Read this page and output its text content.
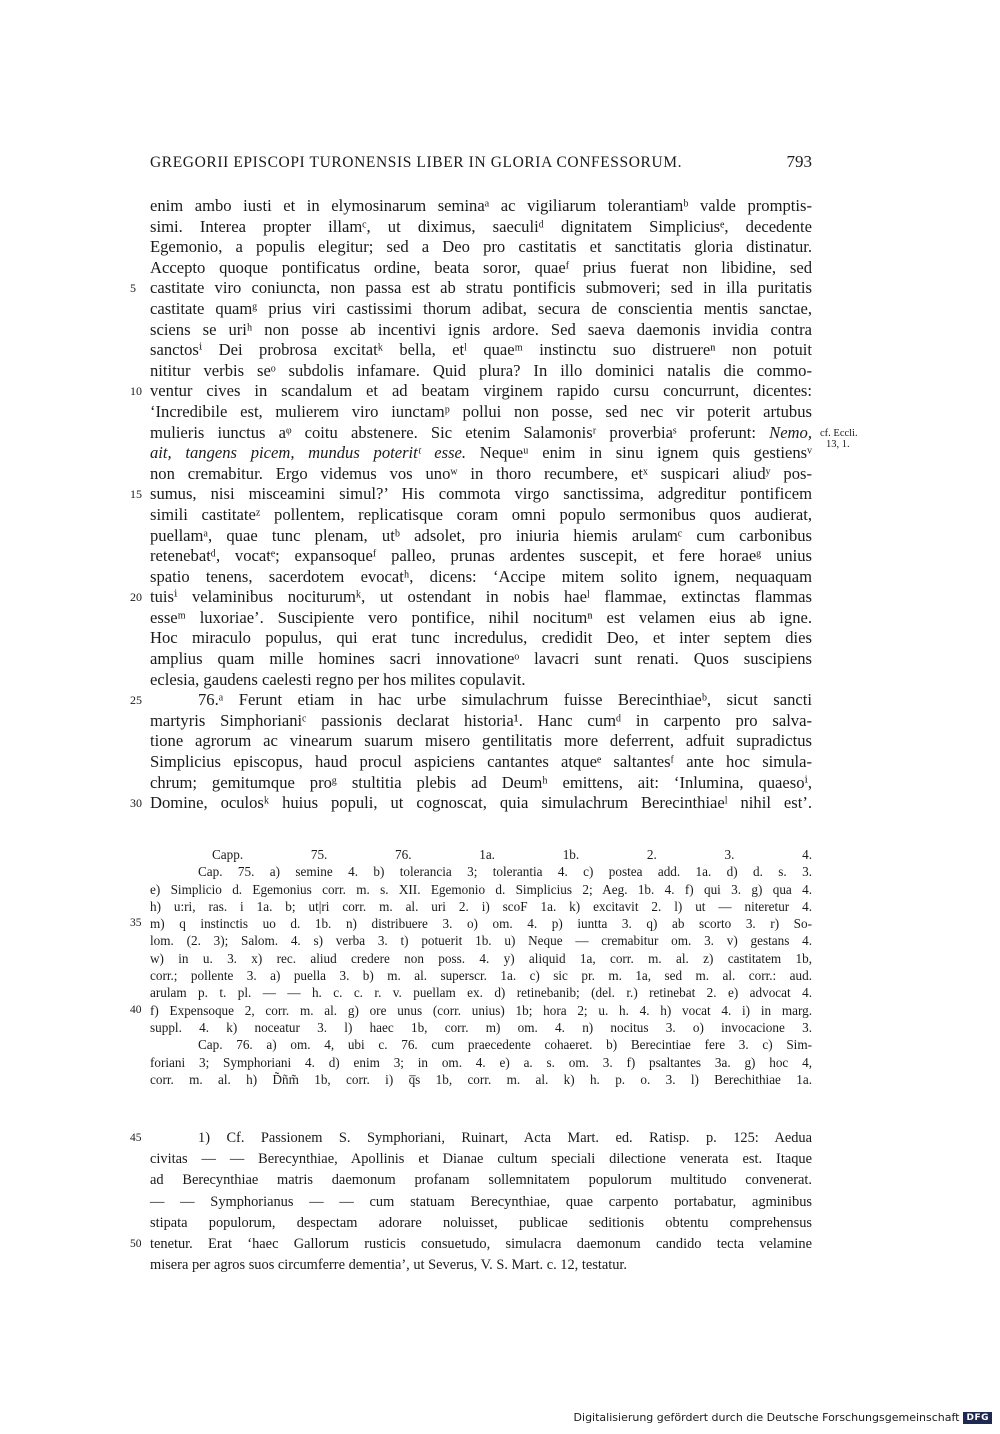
GREGORII EPISCOPI TURONENSIS LIBER IN GLORIA CONFESSORUM.	793
enim ambo iusti et in elymosinarum seminaᵃ ac vigiliarum tolerantiamᵇ valde promptis-
simi. Interea propter illamᶜ, ut diximus, saeculiᵈ dignitatem Simpliciusᵉ, decedente
Egemonio, a populis elegitur; sed a Deo pro castitatis et sanctitatis gloria distinatur.
Accepto quoque pontificatus ordine, beata soror, quaeᶠ prius fuerat non libidine, sed
5 castitate viro coniuncta, non passa est ab stratu pontificis submoveri; sed in illa puritatis
castitate quamᵍ prius viri castissimi thorum adibat, secura de conscientia mentis sanctae,
sciens se uriʰ non posse ab incentivi ignis ardore. Sed saeva daemonis invidia contra
sanctosⁱ Dei probrosa excitatᵏ bella, etˡ quaeᵐ instinctu suo distruereⁿ non potuit
nititur verbis seᵒ subdolis infamare. Quid plura? In illo dominici natalis die commo-
10 ventur cives in scandalum et ad beatam virginem rapido cursu concurrunt, dicentes:
‘Incredibile est, mulierem viro iunctamᵖ pollui non posse, sed nec vir poterit artubus
mulieris iunctus aᵠ coitu abstenere. Sic etenim Salamonisʳ proverbiaˢ proferunt: Nemo,
ait, tangens picem, mundus poteritᵗ esse. Nequeᵘ enim in sinu ignem quis gestiensᵛ
non cremabitur. Ergo videmus vos unoʷ in thoro recumbere, etˣ suspicari aliudʸ pos-
15 sumus, nisi misceamini simul?’ His commota virgo sanctissima, adgreditur pontificem
simili castitateᶻ pollentem, replicatisque coram omni populo sermonibus quos audierat,
puellamᵃ, quae tunc plenam, utᵇ adsolet, pro iniuria hiemis arulamᶜ cum carbonibus
retenebatᵈ, vocatᵉ; expansoqueᶠ palleo, prunas ardentes suscepit, et fere horaeᵍ unius
spatio tenens, sacerdotem evocatʰ, dicens: ‘Accipe mitem solito ignem, nequaquam
20 tuisⁱ velaminibus nociturumᵏ, ut ostendant in nobis haeˡ flammae, extinctas flammas
esseᵐ luxoriae’. Suscipiente vero pontifice, nihil nocitumⁿ est velamen eius ab igne.
Hoc miraculo populus, qui erat tunc incredulus, credidit Deo, et inter septem dies
amplius quam mille homines sacri innovationeᵒ lavacri sunt renati. Quos suscipiens
eclesia, gaudens caelesti regno per hos milites copulavit.
25	76.ᵃ Ferunt etiam in hac urbe simulachrum fuisse Berecinthiaeᵇ, sicut sancti
martyris Simphorianiᶜ passionis declarat historia¹. Hanc cumᵈ in carpento pro salva-
tione agrorum ac vinearum suarum misero gentilitatis more deferrent, adfuit supradictus
Simplicius episcopus, haud procul aspiciens cantantes atqueᵉ saltantesᶠ ante hoc simula-
chrum; gemitumque proᵍ stultitia plebis ad Deumʰ emittens, ait: ‘Inlumina, quaesoⁱ,
30 Domine, oculosᵏ huius populi, ut cognoscat, quia simulachrum Berecinthiaeˡ nihil est’.
cf. Eccli.
13, 1.
Capp. 75. 76. 1a. 1b. 2. 3. 4.
Cap. 75. a) semine 4. b) tolerancia 3; tolerantia 4. c) postea add. 1a. d) d. s. 3.
e) Simplicio d. Egemonius corr. m. s. XII. Egemonio d. Simplicius 2; Aeg. 1b. 4. f) qui 3. g) qua 4.
h) u:ri, ras. i 1a. b; ut|ri corr. m. al. uri 2. i) scoF 1a. k) excitavit 2. l) ut — niteretur 4.
35 m) q instinctis uo d. 1b. n) distribuere 3. o) om. 4. p) iuntta 3. q) ab scorto 3. r) So-
lom. (2. 3); Salom. 4. s) verba 3. t) potuerit 1b. u) Neque — cremabitur om. 3. v) gestans 4.
w) in u. 3. x) rec. aliud credere non poss. 4. y) aliquid 1a, corr. m. al. z) castitatem 1b,
corr.; pollente 3. a) puella 3. b) m. al. superscr. 1a. c) sic pr. m. 1a, sed m. al. corr.: aud.
arulam p. t. pl. — — h. c. c. r. v. puellam ex. d) retinebanib; (del. r.) retinebat 2. e) advocat 4.
40 f) Expensoque 2, corr. m. al. g) ore unus (corr. unius) 1b; hora 2; u. h. 4. h) vocat 4. i) in marg.
suppl. 4. k) noceatur 3. l) haec 1b, corr. m) om. 4. n) nocitus 3. o) invocacione 3.
Cap. 76. a) om. 4, ubi c. 76. cum praecedente cohaeret. b) Berecintiae fere 3. c) Sim-
foriani 3; Symphoriani 4. d) enim 3; in om. 4. e) a. s. om. 3. f) psaltantes 3a. g) hoc 4,
corr. m. al. h) D̃ñm̃ 1b, corr. i) q̅s 1b, corr. m. al. k) h. p. o. 3. l) Berechithiae 1a.
45	1) Cf. Passionem S. Symphoriani, Ruinart, Acta Mart. ed. Ratisp. p. 125: Aedua
civitas — — Berecynthiae, Apollinis et Dianae cultum speciali dilectione venerata est. Itaque
ad Berecynthiae matris daemonum profanam sollemnitatem populorum multitudo convenerat.
— — Symphorianus — — cum statuam Berecynthiae, quae carpento portabatur, agminibus
stipata populorum, despectam adorare noluisset, publicae seditionis obtentu comprehensus
50 tenetur. Erat ‘haec Gallorum rusticis consuetudo, simulacra daemonum candido tecta velamine
misera per agros suos circumferre dementia’, ut Severus, V. S. Mart. c. 12, testatur.
Digitalisierung gefördert durch die Deutsche Forschungsgemeinschaft DFG
